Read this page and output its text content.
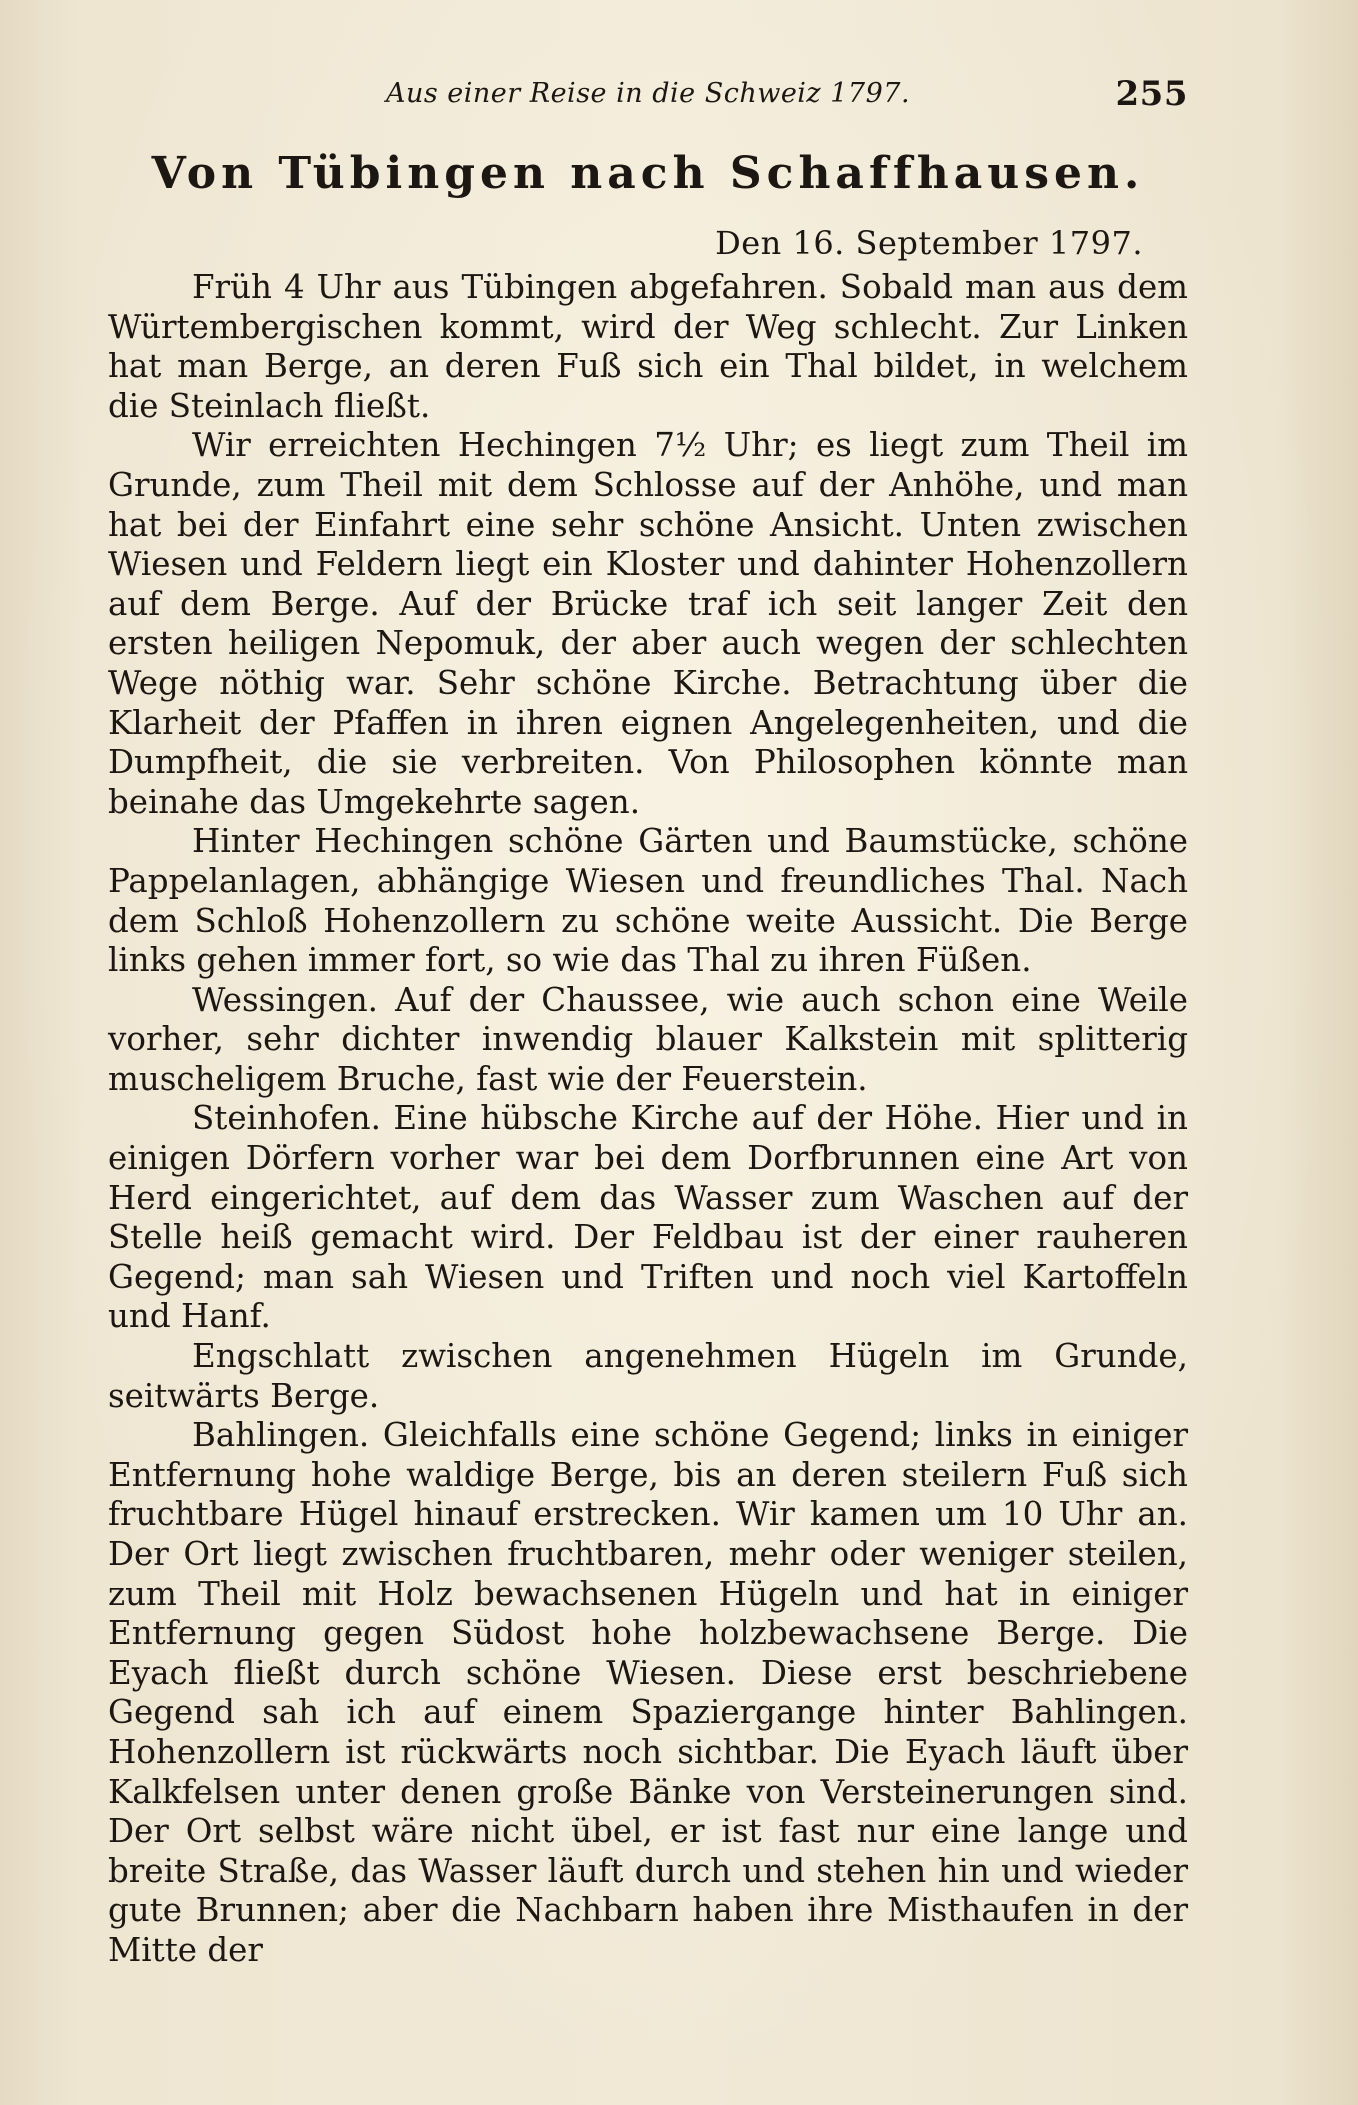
Aus einer Reise in die Schweiz 1797.	255
Von Tübingen nach Schaffhausen.
Den 16. September 1797.

Früh 4 Uhr aus Tübingen abgefahren. Sobald man aus dem Würtembergischen kommt, wird der Weg schlecht. Zur Linken hat man Berge, an deren Fuß sich ein Thal bildet, in welchem die Steinlach fließt.

Wir erreichten Hechingen 7½ Uhr; es liegt zum Theil im Grunde, zum Theil mit dem Schlosse auf der Anhöhe, und man hat bei der Einfahrt eine sehr schöne Ansicht. Unten zwischen Wiesen und Feldern liegt ein Kloster und dahinter Hohenzollern auf dem Berge. Auf der Brücke traf ich seit langer Zeit den ersten heiligen Nepomuk, der aber auch wegen der schlechten Wege nöthig war. Sehr schöne Kirche. Betrachtung über die Klarheit der Pfaffen in ihren eignen Angelegenheiten, und die Dumpfheit, die sie verbreiten. Von Philosophen könnte man beinahe das Umgekehrte sagen.

Hinter Hechingen schöne Gärten und Baumstücke, schöne Pappelanlagen, abhängige Wiesen und freundliches Thal. Nach dem Schloß Hohenzollern zu schöne weite Aussicht. Die Berge links gehen immer fort, so wie das Thal zu ihren Füßen.

Wessingen. Auf der Chaussee, wie auch schon eine Weile vorher, sehr dichter inwendig blauer Kalkstein mit splitterig muscheligem Bruche, fast wie der Feuerstein.

Steinhofen. Eine hübsche Kirche auf der Höhe. Hier und in einigen Dörfern vorher war bei dem Dorfbrunnen eine Art von Herd eingerichtet, auf dem das Wasser zum Waschen auf der Stelle heiß gemacht wird. Der Feldbau ist der einer rauheren Gegend; man sah Wiesen und Triften und noch viel Kartoffeln und Hanf.

Engschlatt zwischen angenehmen Hügeln im Grunde, seitwärts Berge.

Bahlingen. Gleichfalls eine schöne Gegend; links in einiger Entfernung hohe waldige Berge, bis an deren steilern Fuß sich fruchtbare Hügel hinauf erstrecken. Wir kamen um 10 Uhr an. Der Ort liegt zwischen fruchtbaren, mehr oder weniger steilen, zum Theil mit Holz bewachsenen Hügeln und hat in einiger Entfernung gegen Südost hohe holzbewachsene Berge. Die Eyach fließt durch schöne Wiesen. Diese erst beschriebene Gegend sah ich auf einem Spaziergange hinter Bahlingen. Hohenzollern ist rückwärts noch sichtbar. Die Eyach läuft über Kalkfelsen unter denen große Bänke von Versteinerungen sind. Der Ort selbst wäre nicht übel, er ist fast nur eine lange und breite Straße, das Wasser läuft durch und stehen hin und wieder gute Brunnen; aber die Nachbarn haben ihre Misthaufen in der Mitte der
